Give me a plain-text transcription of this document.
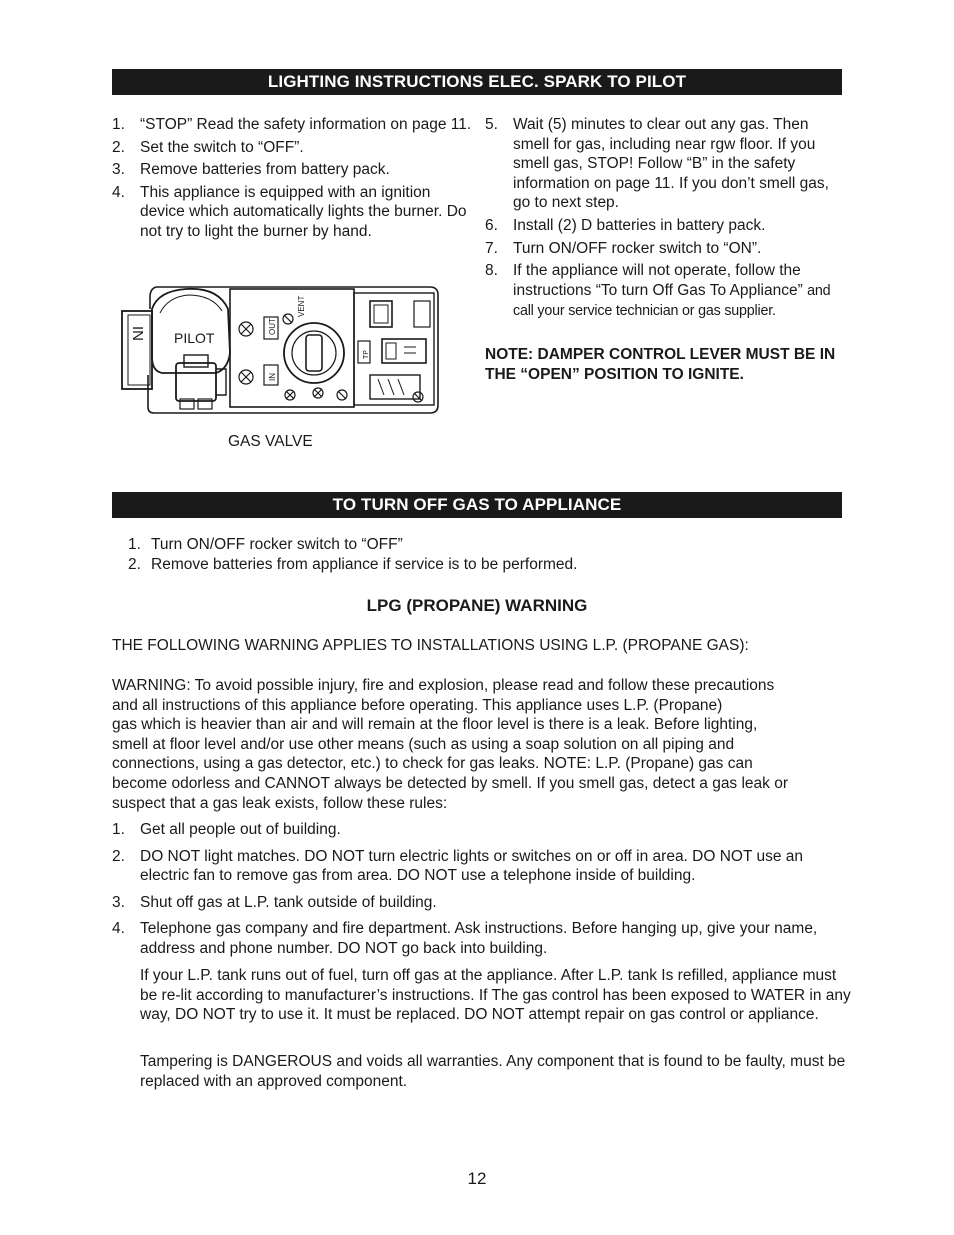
LIGHTING INSTRUCTIONS ELEC. SPARK TO PILOT
1. “STOP” Read the safety information on page 11.
2. Set the switch to “OFF”.
3. Remove batteries from battery pack.
4. This appliance is equipped with an ignition device which automatically lights the burner. Do not try to light the burner by hand.
NI PILOT
OUT
IN
VENT
TP
GAS VALVE
5. Wait (5) minutes to clear out any gas. Then smell for gas, including near rgw floor. If you smell gas, STOP! Follow “B” in the safety information on page 11. If you don’t smell gas, go to next step.
6. Install (2) D batteries in battery pack.
7. Turn ON/OFF rocker switch to “ON”.
8. If the appliance will not operate, follow the instructions “To turn Off Gas To Appliance” and call your service technician or gas supplier.
NOTE: DAMPER CONTROL LEVER MUST BE IN THE “OPEN” POSITION TO IGNITE.
TO TURN OFF GAS TO APPLIANCE
1. Turn ON/OFF rocker switch to “OFF”
2. Remove batteries from appliance if service is to be performed.
LPG (PROPANE) WARNING
THE FOLLOWING WARNING APPLIES TO INSTALLATIONS USING L.P. (PROPANE GAS):
WARNING: To avoid possible injury, fire and explosion, please read and follow these precautions
and all instructions of this appliance before operating. This appliance uses L.P. (Propane)
gas which is heavier than air and will remain at the floor level is there is a leak. Before lighting,
smell at floor level and/or use other means (such as using a soap solution on all piping and
connections, using a gas detector, etc.) to check for gas leaks. NOTE: L.P. (Propane) gas can
become odorless and CANNOT always be detected by smell. If you smell gas, detect a gas leak or
suspect that a gas leak exists, follow these rules:
1. Get all people out of building.
2. DO NOT light matches. DO NOT turn electric lights or switches on or off in area. DO NOT use an electric fan to remove gas from area. DO NOT use a telephone inside of building.
3. Shut off gas at L.P. tank outside of building.
4. Telephone gas company and fire department. Ask instructions. Before hanging up, give your name, address and phone number. DO NOT go back into building.
If your L.P. tank runs out of fuel, turn off gas at the appliance. After L.P. tank Is refilled, appliance must be re-lit according to manufacturer’s instructions. If The gas control has been exposed to WATER in any way, DO NOT try to use it. It must be replaced. DO NOT attempt repair on gas control or appliance.
Tampering is DANGEROUS and voids all warranties. Any component that is found to be faulty, must be replaced with an approved component.
12
